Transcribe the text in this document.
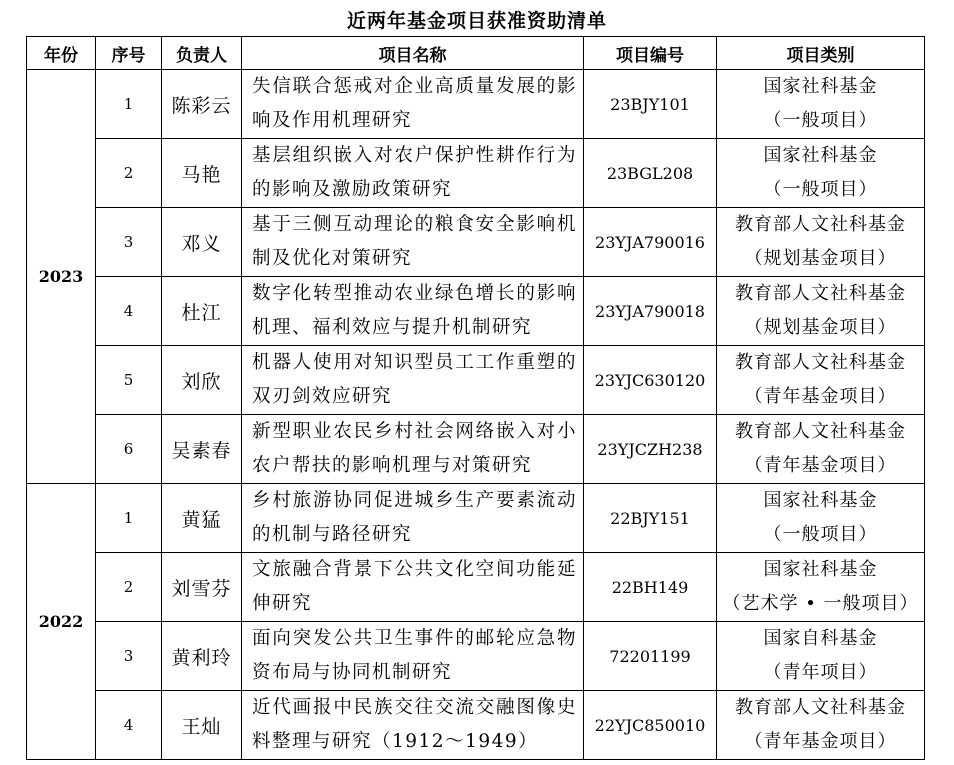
近两年基金项目获准资助清单
年份	序号	负责人	项目名称	项目编号	项目类别
2023	1	陈彩云	失信联合惩戒对企业高质量发展的影响及作用机理研究	23BJY101	国家社科基金
（一般项目）

	2	马艳	基层组织嵌入对农户保护性耕作行为的影响及激励政策研究	23BGL208	国家社科基金
（一般项目）

	3	邓义	基于三侧互动理论的粮食安全影响机制及优化对策研究	23YJA790016	教育部人文社科基金
（规划基金项目）

	4	杜江	数字化转型推动农业绿色增长的影响机理、福利效应与提升机制研究	23YJA790018	教育部人文社科基金
（规划基金项目）

	5	刘欣	机器人使用对知识型员工工作重塑的双刃剑效应研究	23YJC630120	教育部人文社科基金
（青年基金项目）

	6	吴素春	新型职业农民乡村社会网络嵌入对小农户帮扶的影响机理与对策研究	23YJCZH238	教育部人文社科基金
（青年基金项目）

2022	1	黄猛	乡村旅游协同促进城乡生产要素流动的机制与路径研究	22BJY151	国家社科基金
（一般项目）

	2	刘雪芬	文旅融合背景下公共文化空间功能延伸研究	22BH149	国家社科基金
（艺术学 • 一般项目）

	3	黄利玲	面向突发公共卫生事件的邮轮应急物资布局与协同机制研究	72201199	国家自科基金
（青年项目）

	4	王灿	近代画报中民族交往交流交融图像史料整理与研究（1912～1949）	22YJC850010	教育部人文社科基金
（青年基金项目）
